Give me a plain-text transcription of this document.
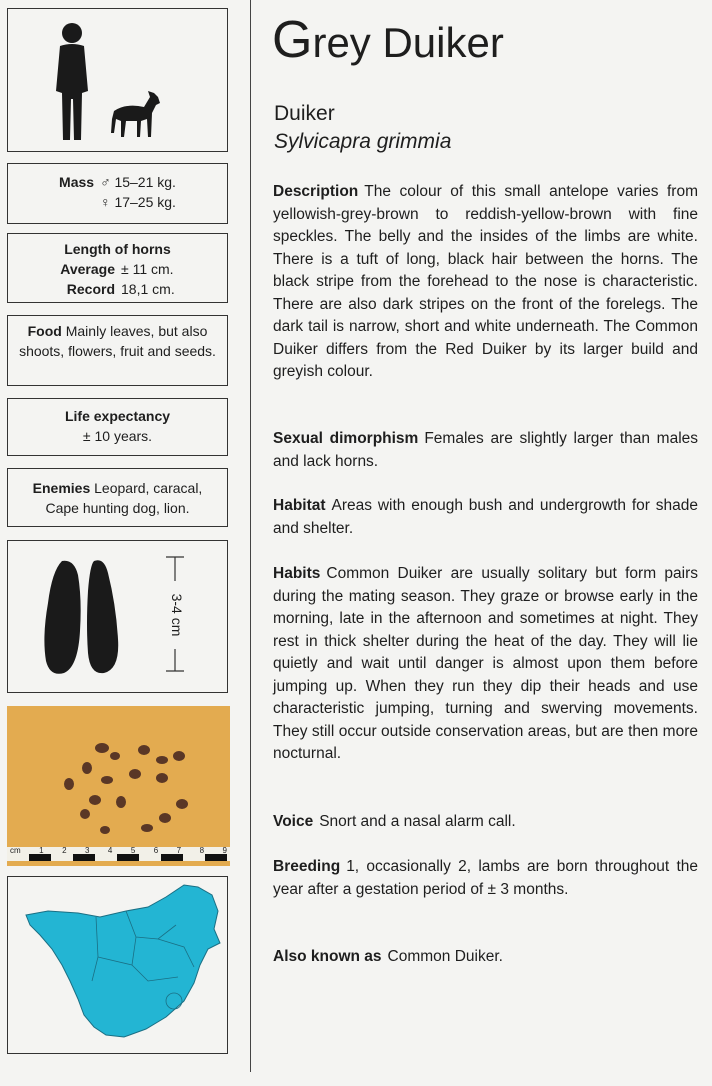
Mass ♂ 15–21 kg.
♀ 17–25 kg.
Length of horns
Average ± 11 cm.
Record 18,1 cm.
Food Mainly leaves, but also shoots, flowers, fruit and seeds.
Life expectancy
± 10 years.
Enemies Leopard, caracal, Cape hunting dog, lion.
3-4 cm
cm 1 2 3 4 5 6 7 8 9
Grey Duiker
Duiker
Sylvicapra grimmia
Description The colour of this small antelope varies from yellowish-grey-brown to reddish-yellow-brown with fine speckles. The belly and the insides of the limbs are white. There is a tuft of long, black hair between the horns. The black stripe from the forehead to the nose is characteristic. There are also dark stripes on the front of the forelegs. The dark tail is narrow, short and white underneath. The Common Duiker differs from the Red Duiker by its larger build and greyish colour.
Sexual dimorphism Females are slightly larger than males and lack horns.
Habitat Areas with enough bush and undergrowth for shade and shelter.
Habits Common Duiker are usually solitary but form pairs during the mating season. They graze or browse early in the morning, late in the afternoon and sometimes at night. They rest in thick shelter during the heat of the day. They will lie quietly and wait until danger is almost upon them before jumping up. When they run they dip their heads and use characteristic jumping, turning and swerving movements. They still occur outside conservation areas, but are then more nocturnal.
Voice Snort and a nasal alarm call.
Breeding 1, occasionally 2, lambs are born throughout the year after a gestation period of ± 3 months.
Also known as Common Duiker.
